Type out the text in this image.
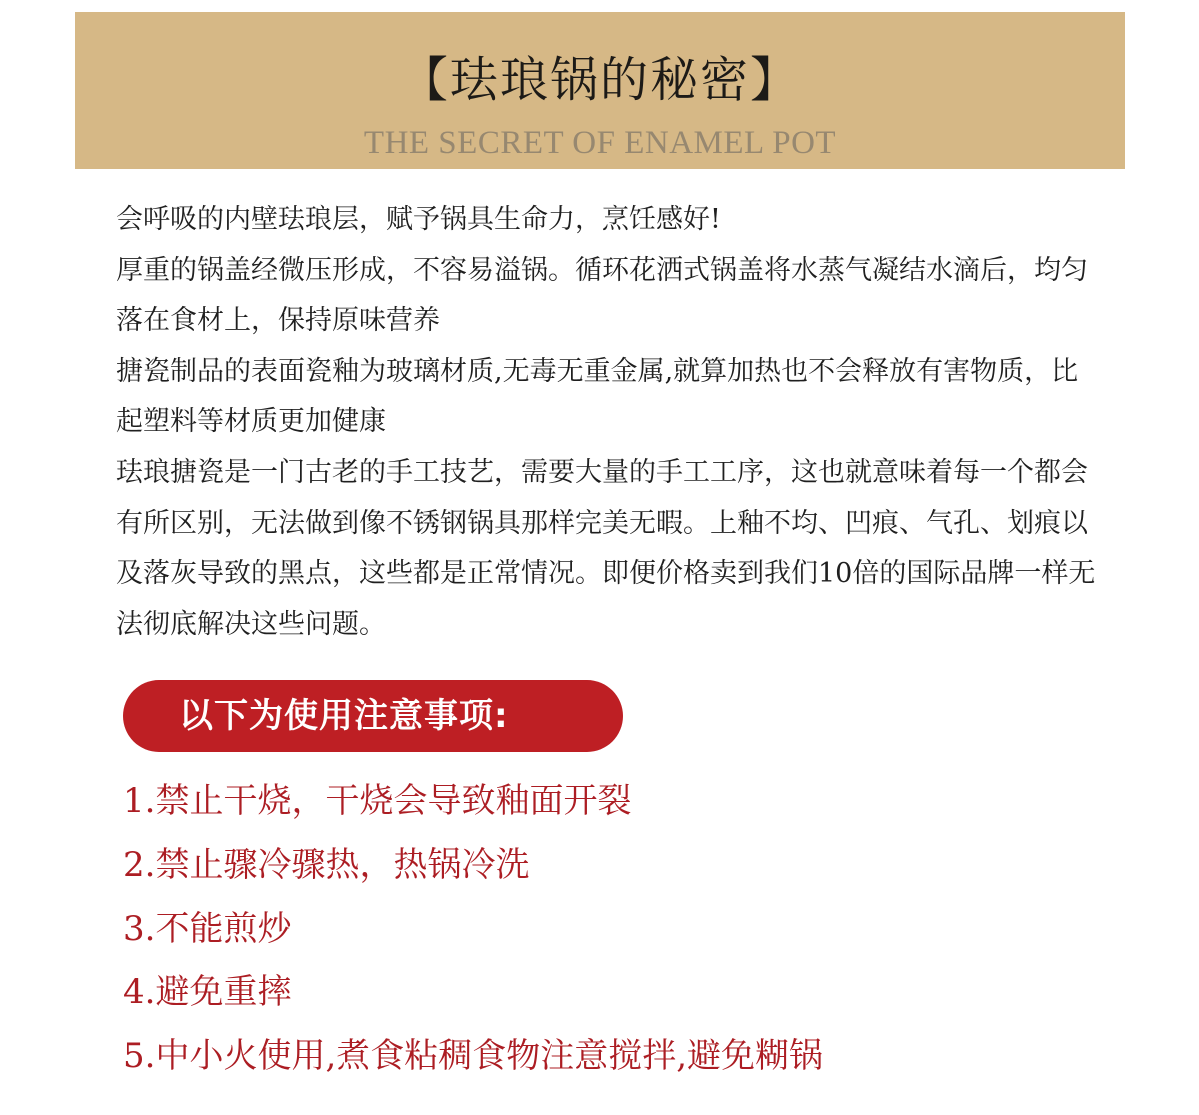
【珐琅锅的秘密】
THE SECRET OF ENAMEL POT

会呼吸的内壁珐琅层，赋予锅具生命力，烹饪感好!

厚重的锅盖经微压形成，不容易溢锅。循环花洒式锅盖将水蒸气凝结水滴后，均匀落在食材上，保持原味营养

搪瓷制品的表面瓷釉为玻璃材质,无毒无重金属,就算加热也不会释放有害物质，比起塑料等材质更加健康

珐琅搪瓷是一门古老的手工技艺，需要大量的手工工序，这也就意味着每一个都会有所区别，无法做到像不锈钢锅具那样完美无暇。上釉不均、凹痕、气孔、划痕以及落灰导致的黑点，这些都是正常情况。即便价格卖到我们10倍的国际品牌一样无法彻底解决这些问题。

以下为使用注意事项:
1.禁止干烧，干烧会导致釉面开裂
2.禁止骤冷骤热，热锅冷洗
3.不能煎炒
4.避免重摔
5.中小火使用,煮食粘稠食物注意搅拌,避免糊锅
